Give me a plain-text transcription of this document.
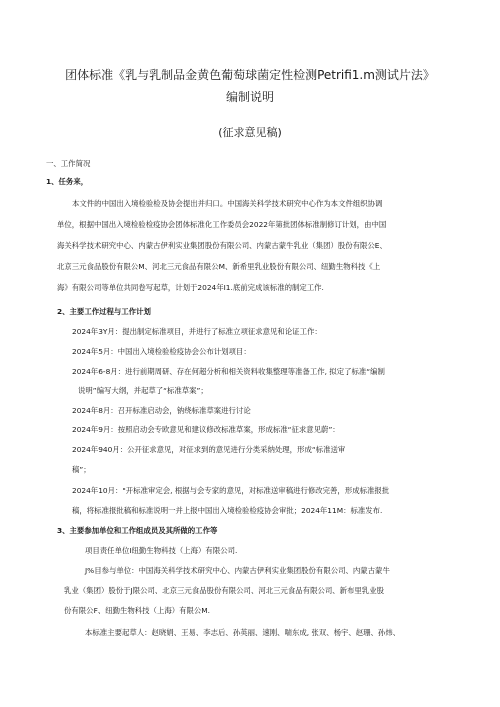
团体标准《乳与乳制品金黄色葡萄球菌定性检测Petrifi1.m测试片法》
编制说明
(征求意见稿)
一、工作简况
1、任务来，
本文件的中国出入境检验检及协会提出并归口。中国海关科学技术研究中心作为本文件组织协调
单位，根据中国出入境检验检疫协会团体标准化工作委员会2022年第批团体标准制修订计划，由中国
海关科学技术研究中心、内蒙古伊利实业集团股份有限公司、内蒙古蒙牛乳业（集团）股份有限公E、
北京三元食品股份有限公M、河北三元食品有限公M、新希里乳业股份有限公司、纽勤生物科技《上
海》有限公司等单位共同卷写起草，计划于2024年I1.底前完成该标准的制定工作.
2、主要工作过程与工作计划
2024年3Y月：提出制定标准项目，并进行了标准立项征求意见和论证工作：
2024年5月：中国出入境检验检疫协会公布计划项目：
2024年6-8月：进行前期周研、存在何超分析和相关资料收集整理等准备工作, 拟定了标准“编制
说明”编写大纲，并起草了“标准草案”；
2024年8月：召开标准启动会，钠绕标准草案进行讨论
2024年9月：按照启动会专欧意见和建议修改标准草案，形成标准“征求意见蔚”：
2024年940月：公开征求意见，对征求到的意见进行分类采纳处理，形成“标准送审
稿”；
2024年10月："开标准审定会, 根据与会专家的意见，对标准送审稿进行修改完善，形成标准报批
稿，将标准报批稿和标准说明一并上报中国出入境检验检疫协会审批；2024年11M：标准发布.
3、主要参加单位和工作组成员及其所做的工作等
项目责任单位I纽勤生物科技（上海）有限公司.
J%目参与单位：中国海关科学技术研究中心、内蒙古伊利实业集团股份有限公司、内蒙古蒙牛
乳业（集团）股份于J限公司、北京三元食品股份有限公司、河北三元食品有限公司、新布里乳业股
份有限公F、纽勤生物科技（上海）有限公M.
本标准主要起草人：赵晓娟、王易、李志后、孙英丽、速刚、喘东成, 张双、杨宇、赵珊、孙炜、
